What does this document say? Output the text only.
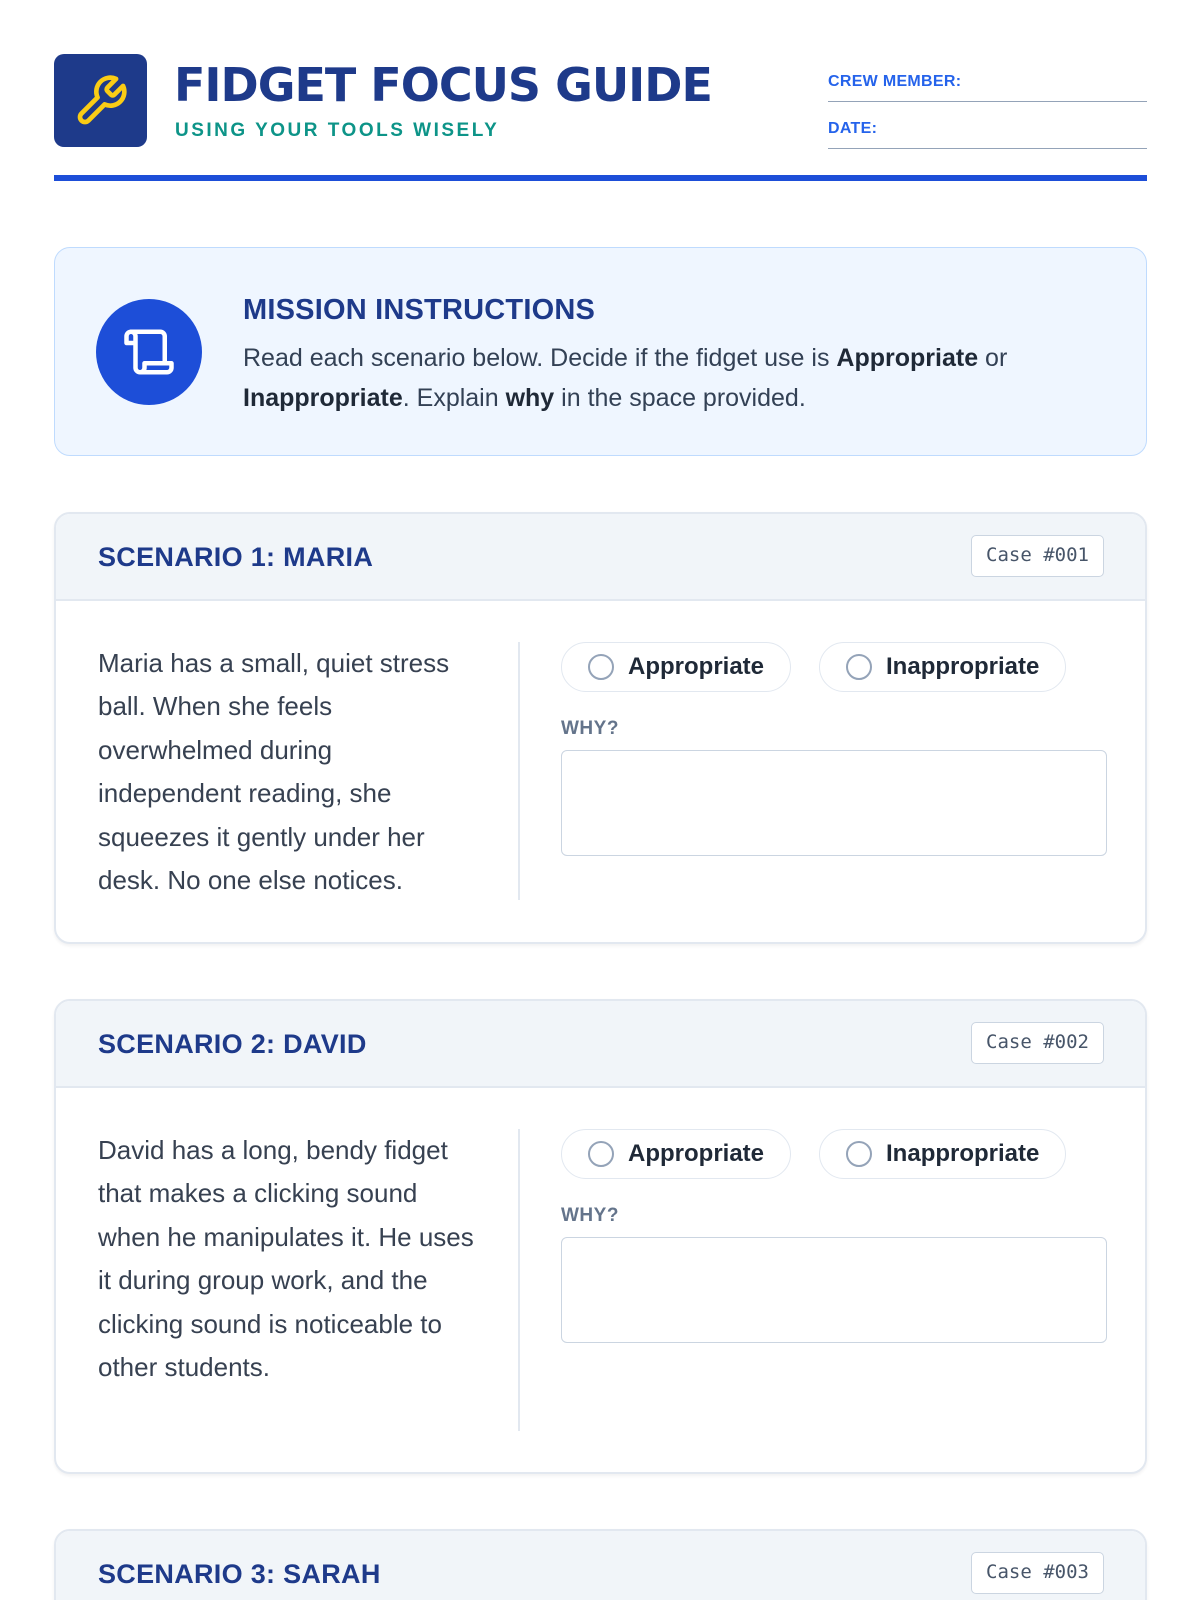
FIDGET FOCUS GUIDE
USING YOUR TOOLS WISELY
CREW MEMBER:
DATE:
MISSION INSTRUCTIONS
Read each scenario below. Decide if the fidget use is Appropriate or Inappropriate. Explain why in the space provided.
SCENARIO 1: MARIA	Case #001
Maria has a small, quiet stress ball. When she feels overwhelmed during independent reading, she squeezes it gently under her desk. No one else notices.
Appropriate	Inappropriate
WHY?
SCENARIO 2: DAVID	Case #002
David has a long, bendy fidget that makes a clicking sound when he manipulates it. He uses it during group work, and the clicking sound is noticeable to other students.
Appropriate	Inappropriate
WHY?
SCENARIO 3: SARAH	Case #003
